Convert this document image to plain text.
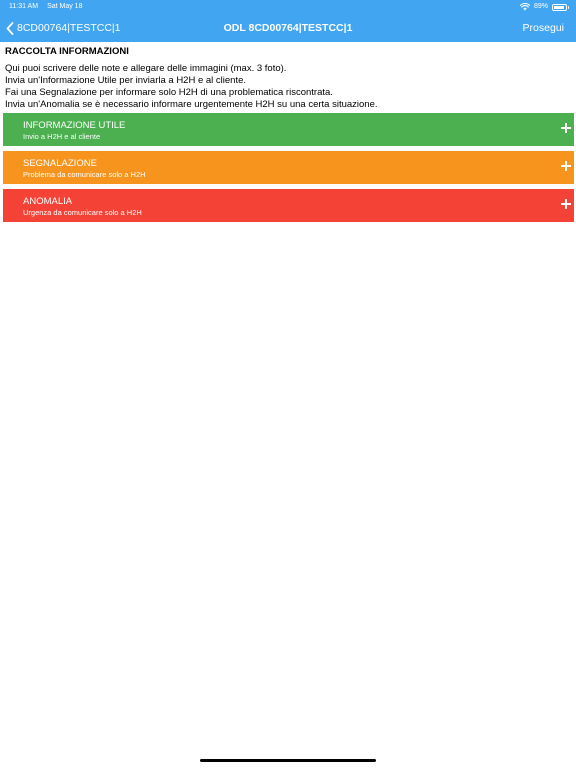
11:31 AM Sat May 18	89%
8CD00764|TESTCC|1	ODL 8CD00764|TESTCC|1	Prosegui
RACCOLTA INFORMAZIONI
Qui puoi scrivere delle note e allegare delle immagini (max. 3 foto).
Invia un'Informazione Utile per inviarla a H2H e al cliente.
Fai una Segnalazione per informare solo H2H di una problematica riscontrata.
Invia un'Anomalia se è necessario informare urgentemente H2H su una certa situazione.
INFORMAZIONE UTILE
Invio a H2H e al cliente
SEGNALAZIONE
Problema da comunicare solo a H2H
ANOMALIA
Urgenza da comunicare solo a H2H
